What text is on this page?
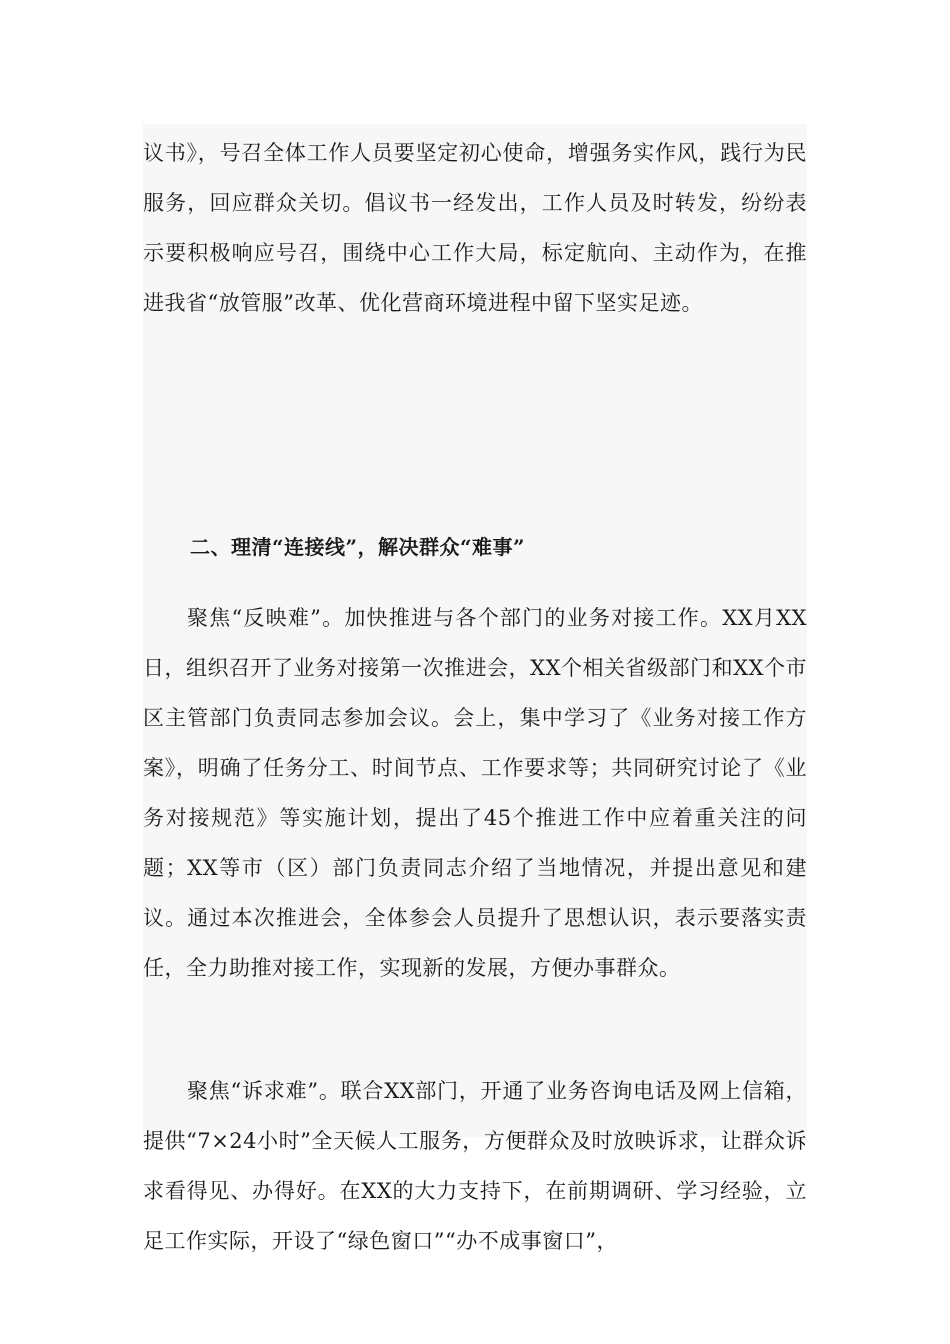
议书》，号召全体工作人员要坚定初心使命，增强务实作风，践行为民服务，回应群众关切。倡议书一经发出，工作人员及时转发，纷纷表示要积极响应号召，围绕中心工作大局，标定航向、主动作为，在推进我省“放管服”改革、优化营商环境进程中留下坚实足迹。

二、理清“连接线”，解决群众“难事”

聚焦“反映难”。加快推进与各个部门的业务对接工作。XX月XX日，组织召开了业务对接第一次推进会，XX个相关省级部门和XX个市区主管部门负责同志参加会议。会上，集中学习了《业务对接工作方案》，明确了任务分工、时间节点、工作要求等；共同研究讨论了《业务对接规范》等实施计划，提出了45个推进工作中应着重关注的问题；XX等市（区）部门负责同志介绍了当地情况，并提出意见和建议。通过本次推进会，全体参会人员提升了思想认识，表示要落实责任，全力助推对接工作，实现新的发展，方便办事群众。

聚焦“诉求难”。联合XX部门，开通了业务咨询电话及网上信箱，提供“7×24小时”全天候人工服务，方便群众及时放映诉求，让群众诉求看得见、办得好。在XX的大力支持下，在前期调研、学习经验，立足工作实际，开设了“绿色窗口”“办不成事窗口”，
